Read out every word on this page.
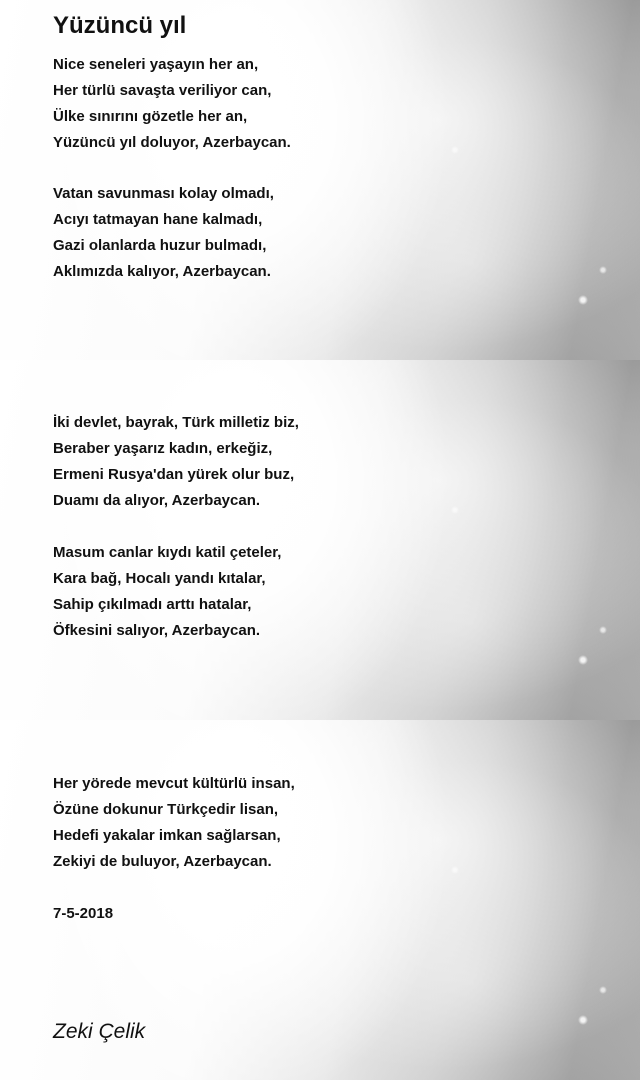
Yüzüncü yıl
Nice seneleri yaşayın her an,
Her türlü savaşta veriliyor can,
Ülke sınırını gözetle her an,
Yüzüncü yıl doluyor, Azerbaycan.
Vatan savunması kolay olmadı,
Acıyı tatmayan hane kalmadı,
Gazi olanlarda huzur bulmadı,
Aklımızda kalıyor, Azerbaycan.
İki devlet, bayrak, Türk milletiz biz,
Beraber yaşarız kadın, erkeğiz,
Ermeni Rusya'dan yürek olur buz,
Duamı da alıyor, Azerbaycan.
Masum canlar kıydı katil çeteler,
Kara bağ, Hocalı yandı kıtalar,
Sahip çıkılmadı arttı hatalar,
Öfkesini salıyor, Azerbaycan.
Her yörede mevcut kültürlü insan,
Özüne dokunur Türkçedir lisan,
Hedefi yakalar imkan sağlarsan,
Zekiyi de buluyor, Azerbaycan.
7-5-2018
Zeki Çelik
